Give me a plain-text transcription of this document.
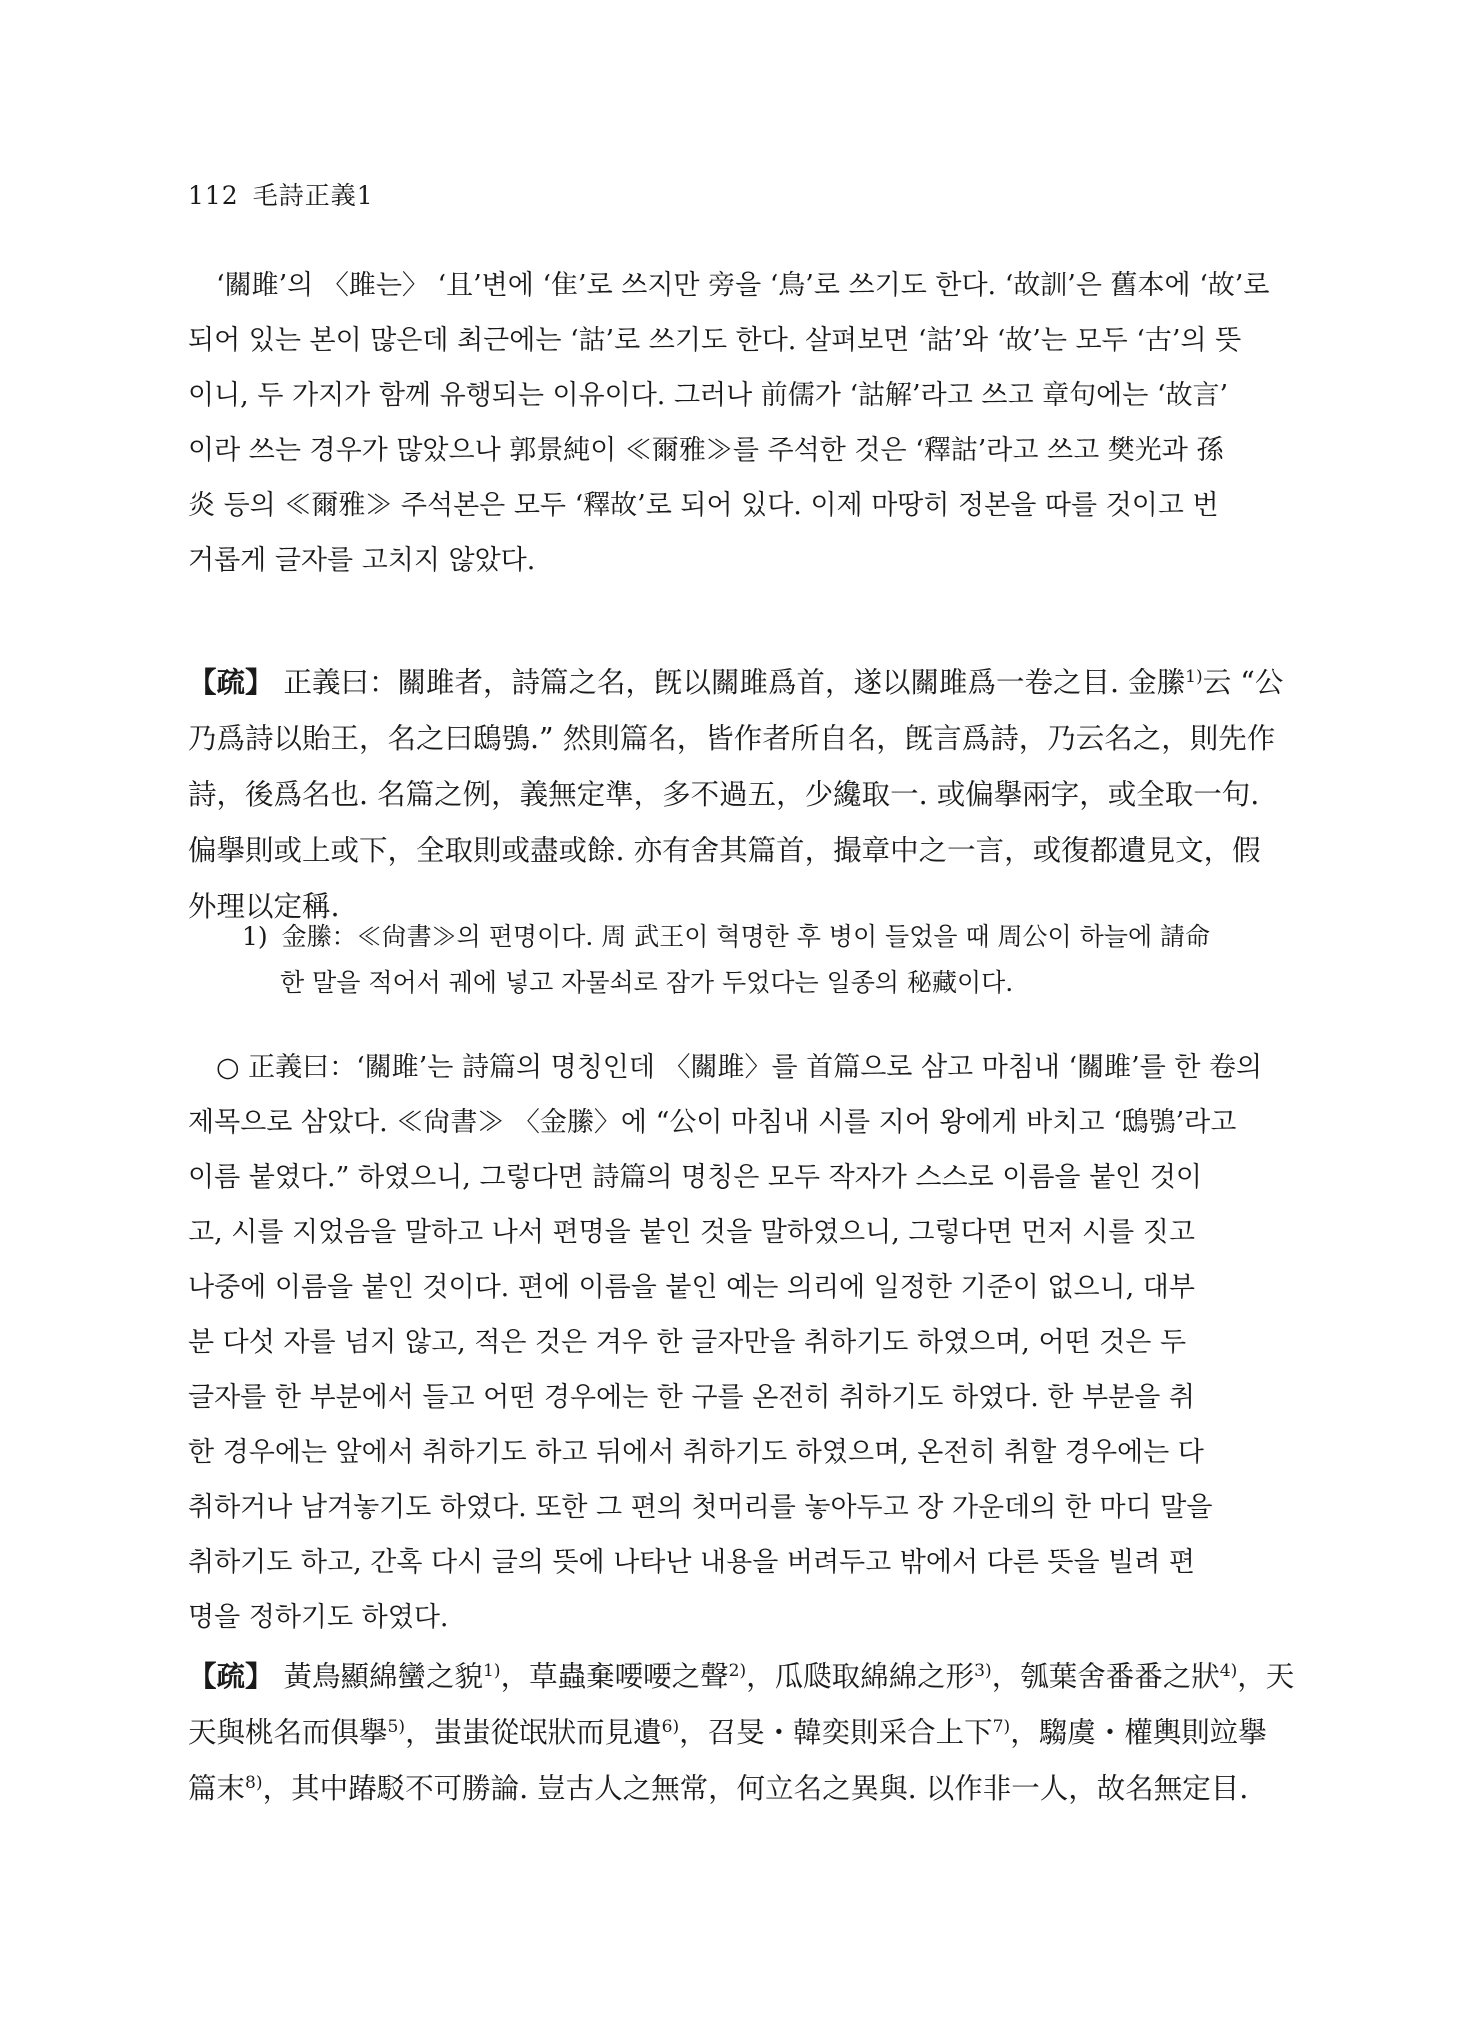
112 毛詩正義1
‘關雎’의 〈雎는〉 ‘且’변에 ‘隹’로 쓰지만 旁을 ‘鳥’로 쓰기도 한다. ‘故訓’은 舊本에 ‘故’로
되어 있는 본이 많은데 최근에는 ‘詁’로 쓰기도 한다. 살펴보면 ‘詁’와 ‘故’는 모두 ‘古’의 뜻
이니, 두 가지가 함께 유행되는 이유이다. 그러나 前儒가 ‘詁解’라고 쓰고 章句에는 ‘故言’
이라 쓰는 경우가 많았으나 郭景純이 ≪爾雅≫를 주석한 것은 ‘釋詁’라고 쓰고 樊光과 孫
炎 등의 ≪爾雅≫ 주석본은 모두 ‘釋故’로 되어 있다. 이제 마땅히 정본을 따를 것이고 번
거롭게 글자를 고치지 않았다.
【疏】 正義曰：關雎者，詩篇之名，旣以關雎爲首，遂以關雎爲一卷之目. 金縢$^{1)}$云 “公
乃爲詩以貽王，名之曰鴟鴞.” 然則篇名，皆作者所自名，旣言爲詩，乃云名之，則先作
詩，後爲名也. 名篇之例，義無定準，多不過五，少纔取一. 或偏擧兩字，或全取一句.
偏擧則或上或下，全取則或盡或餘. 亦有舍其篇首，撮章中之一言，或復都遺見文，假
外理以定稱.
1) 金縢：≪尙書≫의 편명이다. 周 武王이 혁명한 후 병이 들었을 때 周公이 하늘에 請命
한 말을 적어서 궤에 넣고 자물쇠로 잠가 두었다는 일종의 秘藏이다.
○ 正義曰：‘關雎’는 詩篇의 명칭인데 〈關雎〉를 首篇으로 삼고 마침내 ‘關雎’를 한 卷의
제목으로 삼았다. ≪尙書≫ 〈金縢〉에 “公이 마침내 시를 지어 왕에게 바치고 ‘鴟鴞’라고
이름 붙였다.” 하였으니, 그렇다면 詩篇의 명칭은 모두 작자가 스스로 이름을 붙인 것이
고, 시를 지었음을 말하고 나서 편명을 붙인 것을 말하였으니, 그렇다면 먼저 시를 짓고
나중에 이름을 붙인 것이다. 편에 이름을 붙인 예는 의리에 일정한 기준이 없으니, 대부
분 다섯 자를 넘지 않고, 적은 것은 겨우 한 글자만을 취하기도 하였으며, 어떤 것은 두
글자를 한 부분에서 들고 어떤 경우에는 한 구를 온전히 취하기도 하였다. 한 부분을 취
한 경우에는 앞에서 취하기도 하고 뒤에서 취하기도 하였으며, 온전히 취할 경우에는 다
취하거나 남겨놓기도 하였다. 또한 그 편의 첫머리를 놓아두고 장 가운데의 한 마디 말을
취하기도 하고, 간혹 다시 글의 뜻에 나타난 내용을 버려두고 밖에서 다른 뜻을 빌려 편
명을 정하기도 하였다.
【疏】 黃鳥顯綿蠻之貌$^{1)}$，草蟲棄喓喓之聲$^{2)}$，瓜瓞取綿綿之形$^{3)}$，瓠葉舍番番之狀$^{4)}$，天
天與桃名而俱擧$^{5)}$，蚩蚩從氓狀而見遺$^{6)}$，召旻・韓奕則采合上下$^{7)}$，騶虞・權輿則竝擧
篇末$^{8)}$，其中踳駁不可勝論. 豈古人之無常，何立名之異與. 以作非一人，故名無定目.
